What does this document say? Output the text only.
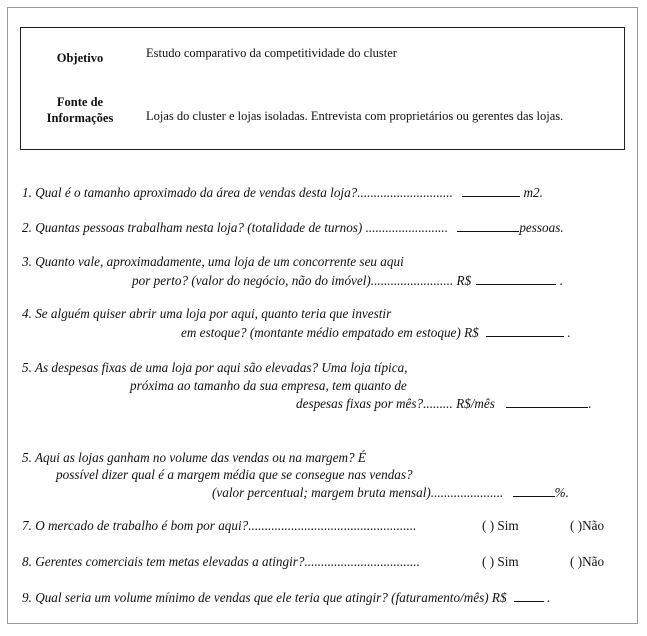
Objetivo	Estudo comparativo da competitividade do cluster
Fonte de
Informações	Lojas do cluster e lojas isoladas. Entrevista com proprietários ou gerentes das lojas.
1. Qual é o tamanho aproximado da área de vendas desta loja?.............................	m2.
2. Quantas pessoas trabalham nesta loja? (totalidade de turnos) .........................	pessoas.
3. Quanto vale, aproximadamente, uma loja de um concorrente seu aqui
por perto? (valor do negócio, não do imóvel)......................... R$	.
4. Se alguém quiser abrir uma loja por aqui, quanto teria que investir
em estoque? (montante médio empatado em estoque) R$	.
5. As despesas fixas de uma loja por aqui são elevadas? Uma loja típica,
próxima ao tamanho da sua empresa, tem quanto de
despesas fixas por mês?......... R$/mês	.
5. Aqui as lojas ganham no volume das vendas ou na margem? É
possível dizer qual é a margem média que se consegue nas vendas?
(valor percentual; margem bruta mensal)......................	%.
7. O mercado de trabalho é bom por aqui?...................................................	( ) Sim	( )Não
8. Gerentes comerciais tem metas elevadas a atingir?...................................	( ) Sim	( )Não
9. Qual seria um volume mínimo de vendas que ele teria que atingir? (faturamento/mês) R$	.
